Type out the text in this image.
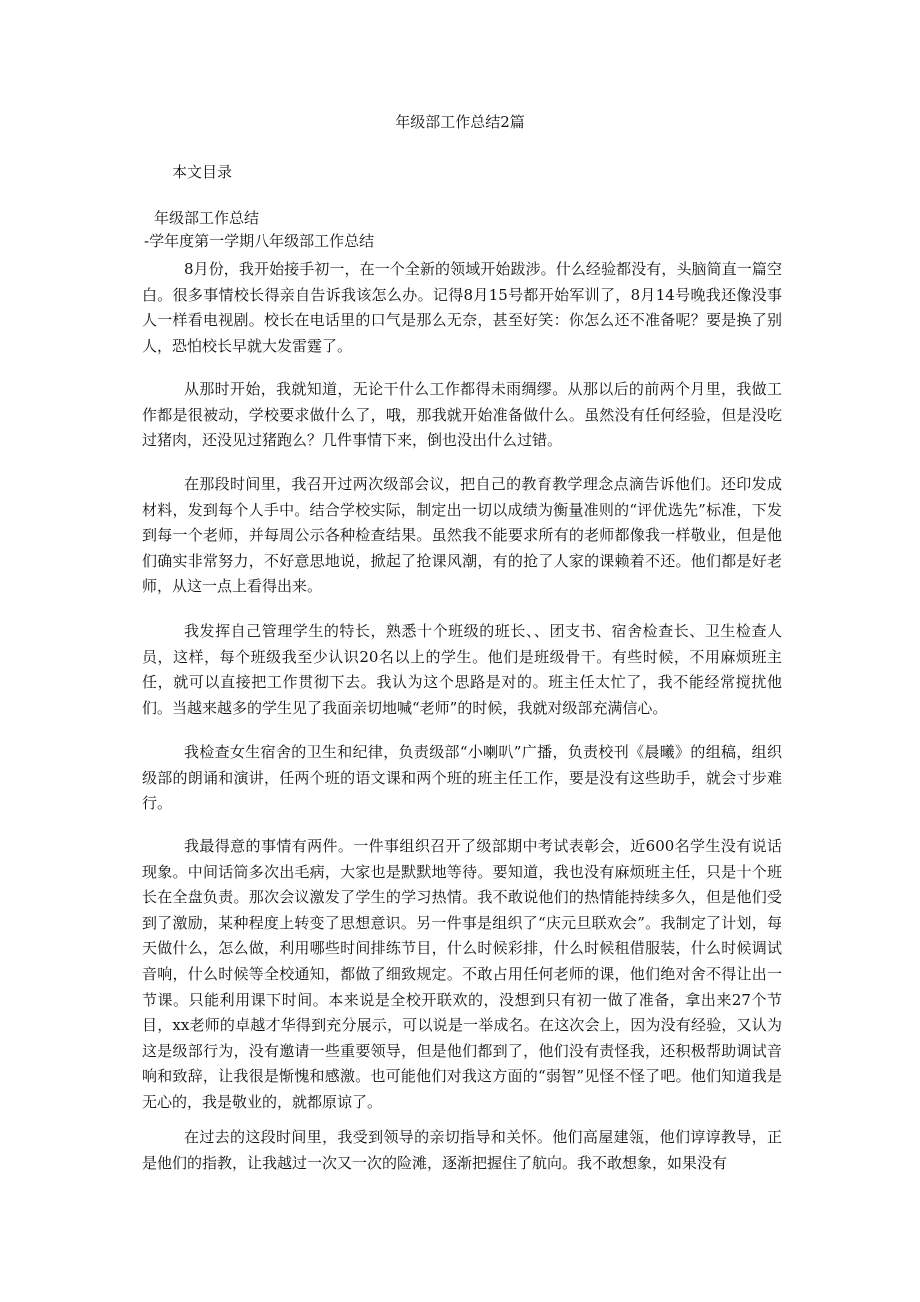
年级部工作总结2篇
本文目录
年级部工作总结
-学年度第一学期八年级部工作总结

8月份，我开始接手初一，在一个全新的领域开始跋涉。什么经验都没有，头脑简直一篇空白。很多事情校长得亲自告诉我该怎么办。记得8月15号都开始军训了，8月14号晚我还像没事人一样看电视剧。校长在电话里的口气是那么无奈，甚至好笑：你怎么还不准备呢？要是换了别人，恐怕校长早就大发雷霆了。

从那时开始，我就知道，无论干什么工作都得未雨绸缪。从那以后的前两个月里，我做工作都是很被动，学校要求做什么了，哦，那我就开始准备做什么。虽然没有任何经验，但是没吃过猪肉，还没见过猪跑么？几件事情下来，倒也没出什么过错。

在那段时间里，我召开过两次级部会议，把自己的教育教学理念点滴告诉他们。还印发成材料，发到每个人手中。结合学校实际，制定出一切以成绩为衡量准则的“评优选先”标准，下发到每一个老师，并每周公示各种检查结果。虽然我不能要求所有的老师都像我一样敬业，但是他们确实非常努力，不好意思地说，掀起了抢课风潮，有的抢了人家的课赖着不还。他们都是好老师，从这一点上看得出来。

我发挥自己管理学生的特长，熟悉十个班级的班长、、团支书、宿舍检查长、卫生检查人员，这样，每个班级我至少认识20名以上的学生。他们是班级骨干。有些时候，不用麻烦班主任，就可以直接把工作贯彻下去。我认为这个思路是对的。班主任太忙了，我不能经常搅扰他们。当越来越多的学生见了我面亲切地喊“老师”的时候，我就对级部充满信心。

我检查女生宿舍的卫生和纪律，负责级部“小喇叭”广播，负责校刊《晨曦》的组稿，组织级部的朗诵和演讲，任两个班的语文课和两个班的班主任工作，要是没有这些助手，就会寸步难行。

我最得意的事情有两件。一件事组织召开了级部期中考试表彰会，近600名学生没有说话现象。中间话筒多次出毛病，大家也是默默地等待。要知道，我也没有麻烦班主任，只是十个班长在全盘负责。那次会议激发了学生的学习热情。我不敢说他们的热情能持续多久，但是他们受到了激励，某种程度上转变了思想意识。另一件事是组织了“庆元旦联欢会”。我制定了计划，每天做什么，怎么做，利用哪些时间排练节目，什么时候彩排，什么时候租借服装，什么时候调试音响，什么时候等全校通知，都做了细致规定。不敢占用任何老师的课，他们绝对舍不得让出一节课。只能利用课下时间。本来说是全校开联欢的，没想到只有初一做了准备，拿出来27个节目，xx老师的卓越才华得到充分展示，可以说是一举成名。在这次会上，因为没有经验，又认为这是级部行为，没有邀请一些重要领导，但是他们都到了，他们没有责怪我，还积极帮助调试音响和致辞，让我很是惭愧和感激。也可能他们对我这方面的“弱智”见怪不怪了吧。他们知道我是无心的，我是敬业的，就都原谅了。

在过去的这段时间里，我受到领导的亲切指导和关怀。他们高屋建瓴，他们谆谆教导，正是他们的指教，让我越过一次又一次的险滩，逐渐把握住了航向。我不敢想象，如果没有
